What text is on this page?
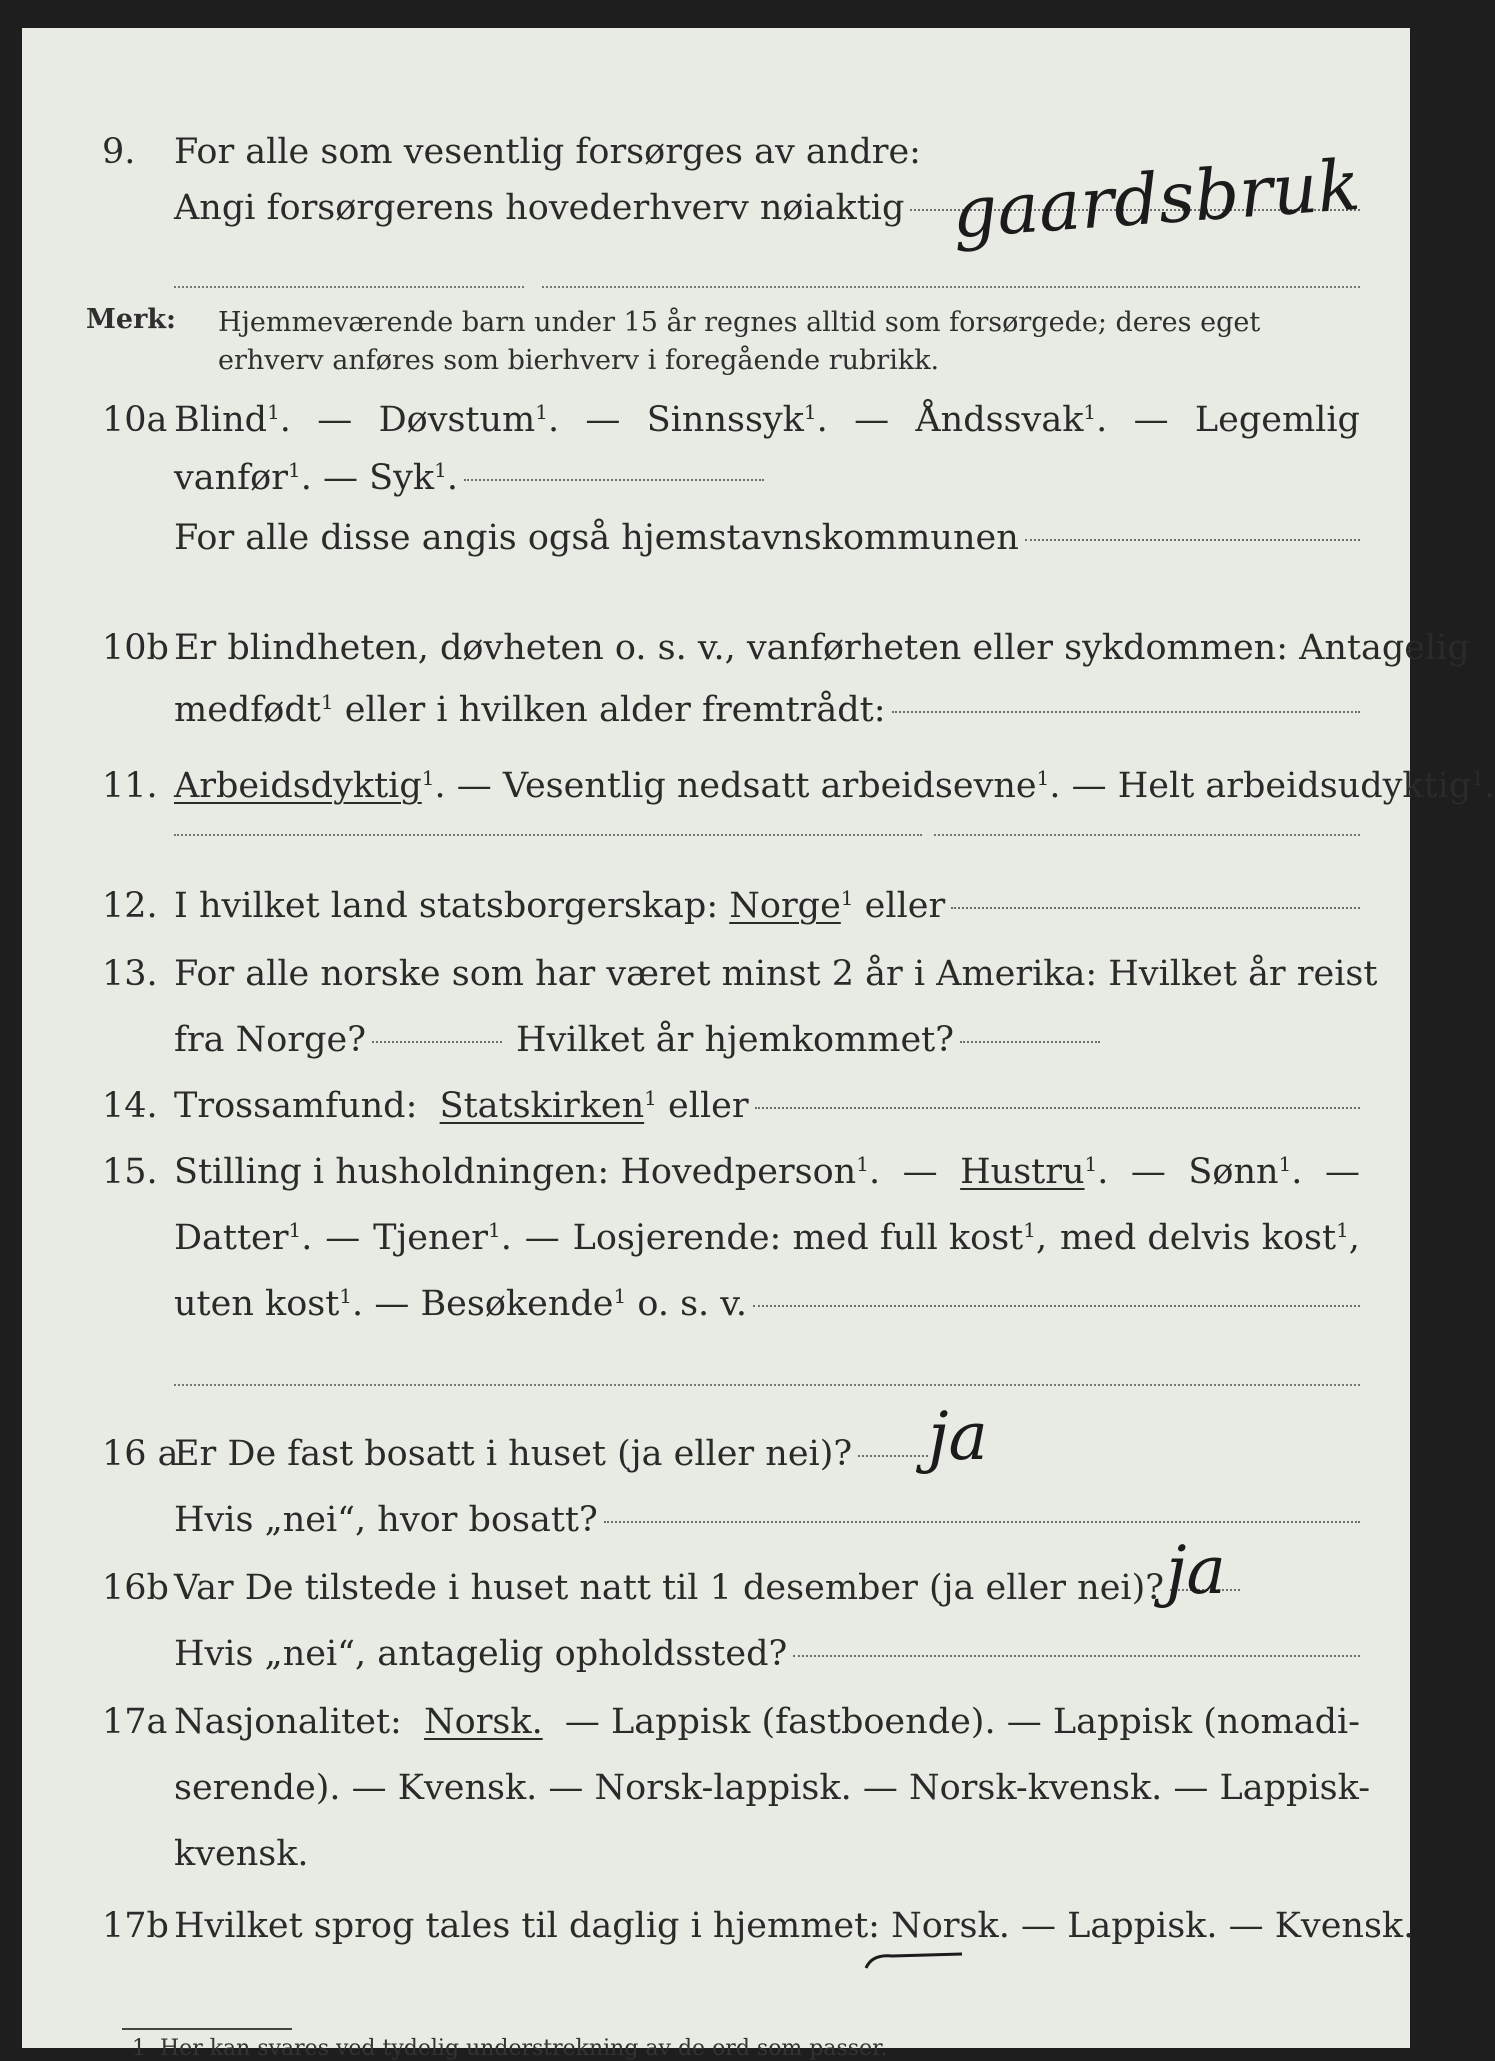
9. For alle som vesentlig forsørges av andre:
Angi forsørgerens hovederhverv nøiaktig gaardsbruk
Merk: Hjemmeværende barn under 15 år regnes alltid som forsørgede; deres eget erhverv anføres som bierhverv i foregående rubrikk.
10a Blind$^1$. — Døvstum$^1$. — Sinnssyk$^1$. — Åndssvak$^1$. — Legemlig
vanfør$^1$.
—
Syk$^1$.
For alle disse angis også hjemstavnskommunen
10b Er blindheten, døvheten o. s. v., vanførheten eller sykdommen: Antagelig
medfødt$^1$
eller i hvilken alder fremtrådt:
11. Arbeidsdyktig 1 . —
Vesentlig nedsatt arbeidsevne$^1$.
—
Helt arbeidsudyktig$^1$.
12. I hvilket land statsborgerskap:
Norge 1
eller
13. For alle norske som har været minst 2 år i Amerika: Hvilket år reist
fra Norge?	Hvilket år hjemkommet?
14. Trossamfund:
Statskirken 1
eller
15. Stilling i husholdningen: Hovedperson$^1$. — Hustru$^1$. — Sønn$^1$. —
Datter$^1$. — Tjener$^1$. — Losjerende: med full kost$^1$, med delvis kost$^1$,
uten kost$^1$.
—
Besøkende$^1$
o. s. v.
16 a
Er De fast bosatt i huset (ja eller nei)? ja
Hvis „nei“, hvor bosatt?
16b Var De tilstede i huset natt til 1 desember (ja eller nei)? ja
Hvis „nei“, antagelig opholdssted?
17a Nasjonalitet: Norsk. — Lappisk (fastboende). — Lappisk (nomadi-
serende). — Kvensk. — Norsk-lappisk. — Norsk-kvensk. — Lappisk-
kvensk.
17b Hvilket sprog tales til daglig i hjemmet:
Norsk.
— Lappisk. — Kvensk.
1 Her kan svares ved tydelig understrekning av de ord som passer.
